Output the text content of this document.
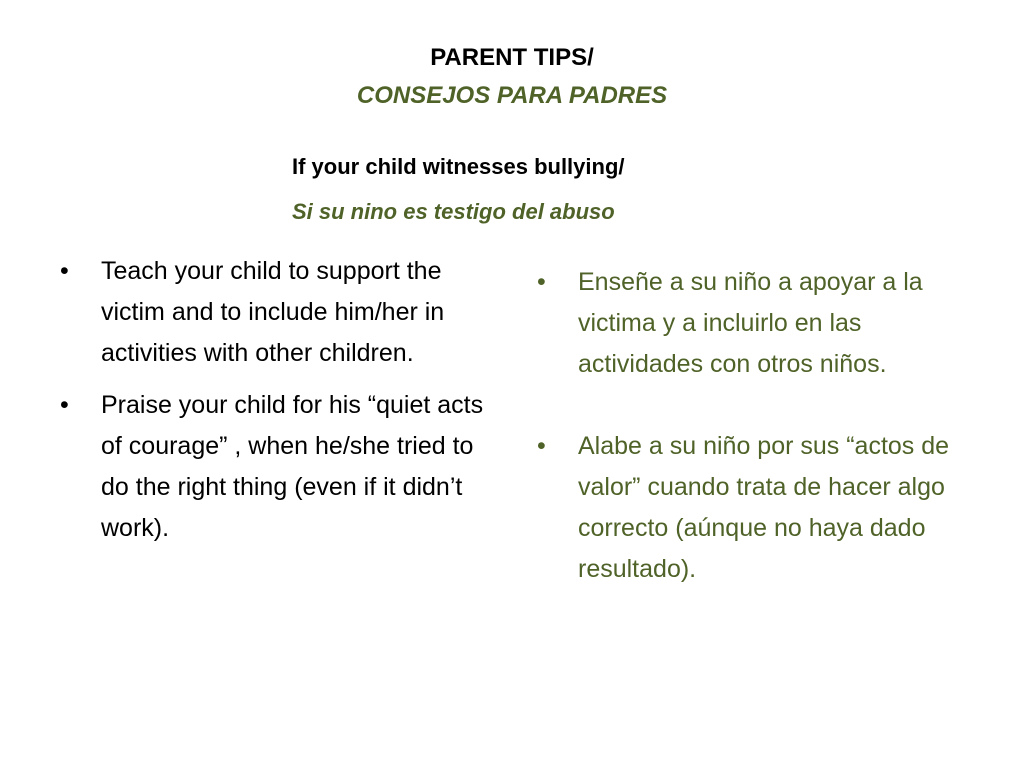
PARENT TIPS/
CONSEJOS PARA PADRES
If your child witnesses bullying/
Si su nino es testigo del abuso
• Teach your child to support the victim and to include him/her in activities with other children.
• Praise your child for his “quiet acts of courage” , when he/she tried to do the right thing (even if it didn’t work).
• Enseñe a su niño a apoyar a la victima y a incluirlo en las actividades con otros niños.
• Alabe a su niño por sus “actos de valor” cuando trata de hacer algo correcto (aúnque no haya dado resultado).
